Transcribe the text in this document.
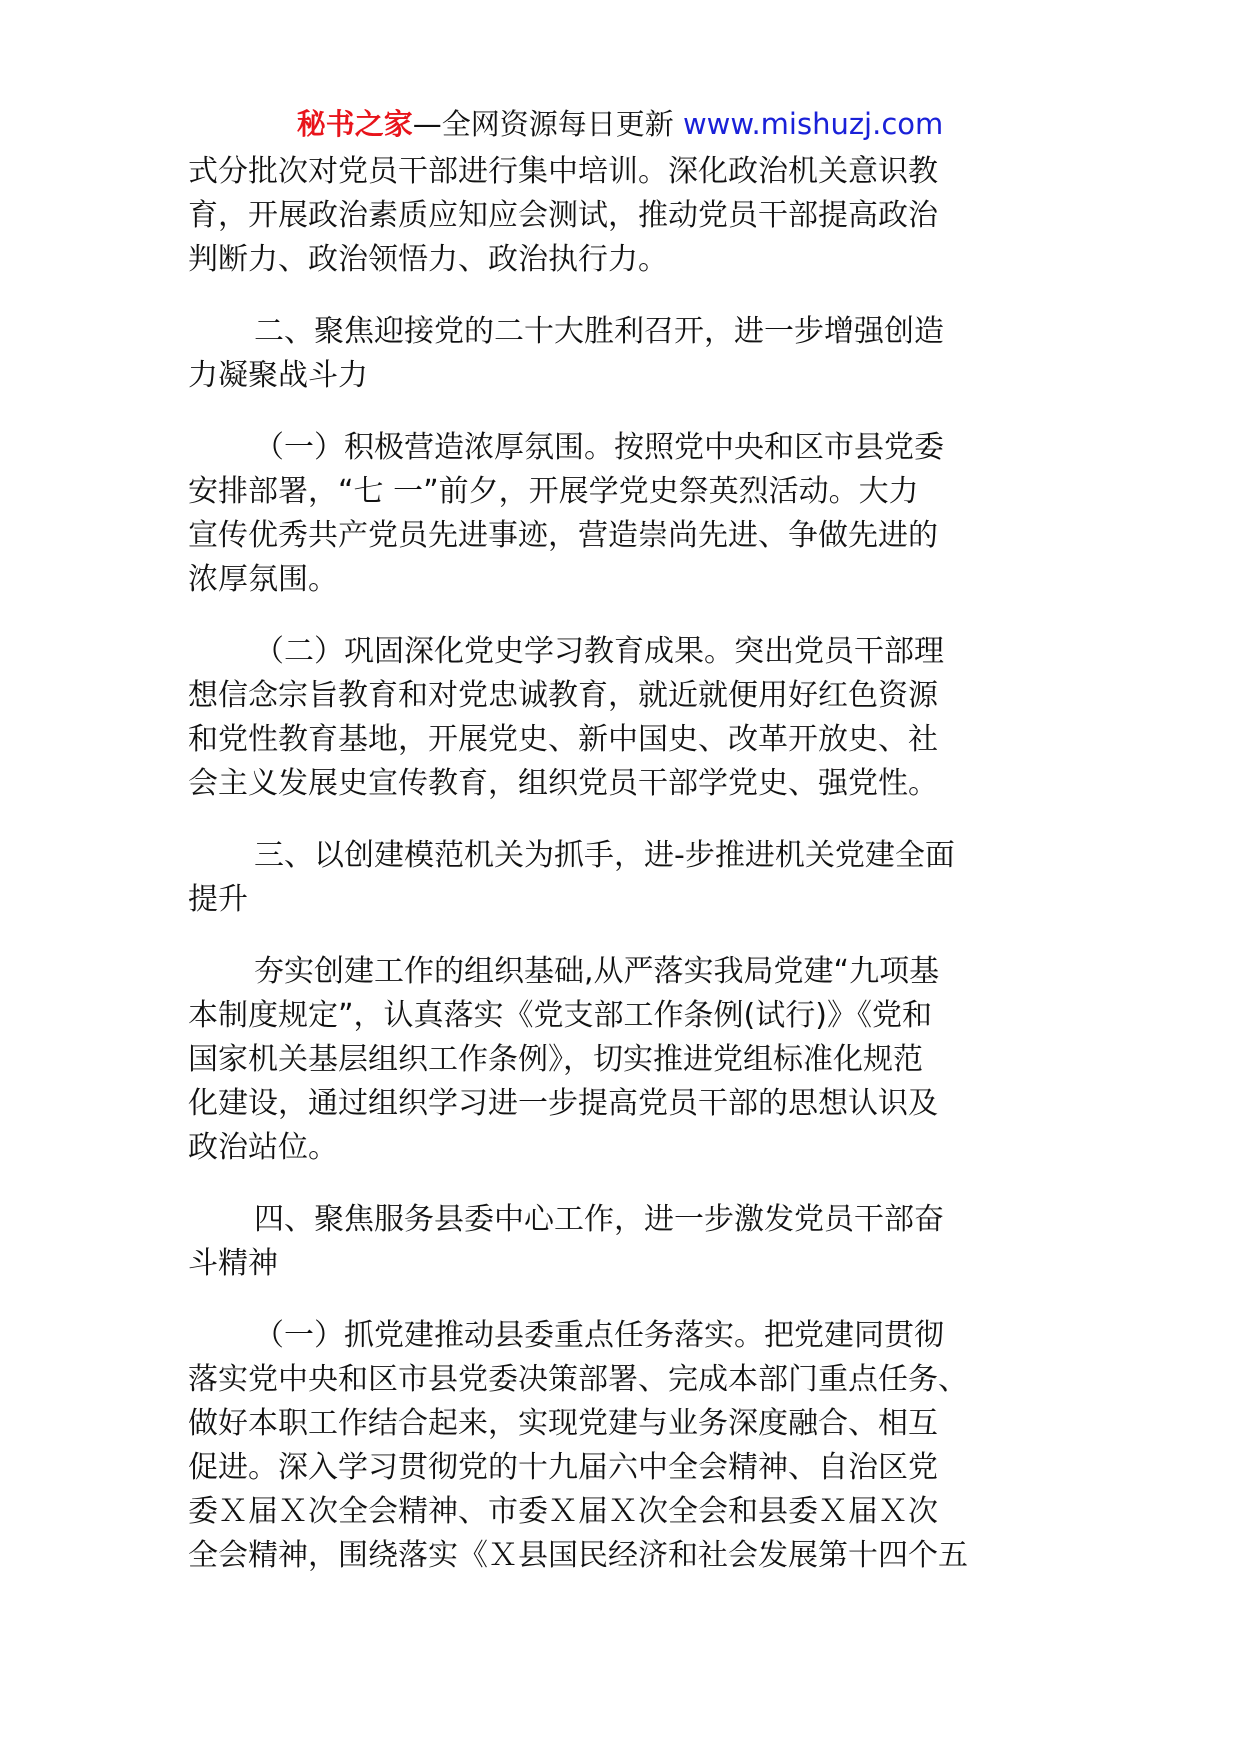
秘书之家—全网资源每日更新 www.mishuzj.com
式分批次对党员干部进行集中培训。深化政治机关意识教
育，开展政治素质应知应会测试，推动党员干部提高政治
判断力、政治领悟力、政治执行力。
二、聚焦迎接党的二十大胜利召开，进一步增强创造
力凝聚战斗力
（一）积极营造浓厚氛围。按照党中央和区市县党委
安排部署，“七 一”前夕，开展学党史祭英烈活动。大力
宣传优秀共产党员先进事迹，营造崇尚先进、争做先进的
浓厚氛围。
（二）巩固深化党史学习教育成果。突出党员干部理
想信念宗旨教育和对党忠诚教育，就近就便用好红色资源
和党性教育基地，开展党史、新中国史、改革开放史、社
会主义发展史宣传教育，组织党员干部学党史、强党性。
三、以创建模范机关为抓手，进-步推进机关党建全面
提升
夯实创建工作的组织基础,从严落实我局党建“九项基
本制度规定”，认真落实《党支部工作条例(试行)》《党和
国家机关基层组织工作条例》，切实推进党组标准化规范
化建设，通过组织学习进一步提高党员干部的思想认识及
政治站位。
四、聚焦服务县委中心工作，进一步激发党员干部奋
斗精神
（一）抓党建推动县委重点任务落实。把党建同贯彻
落实党中央和区市县党委决策部署、完成本部门重点任务、
做好本职工作结合起来，实现党建与业务深度融合、相互
促进。深入学习贯彻党的十九届六中全会精神、自治区党
委Ｘ届Ｘ次全会精神、市委Ｘ届Ｘ次全会和县委Ｘ届Ｘ次
全会精神，围绕落实《Ｘ县国民经济和社会发展第十四个五
